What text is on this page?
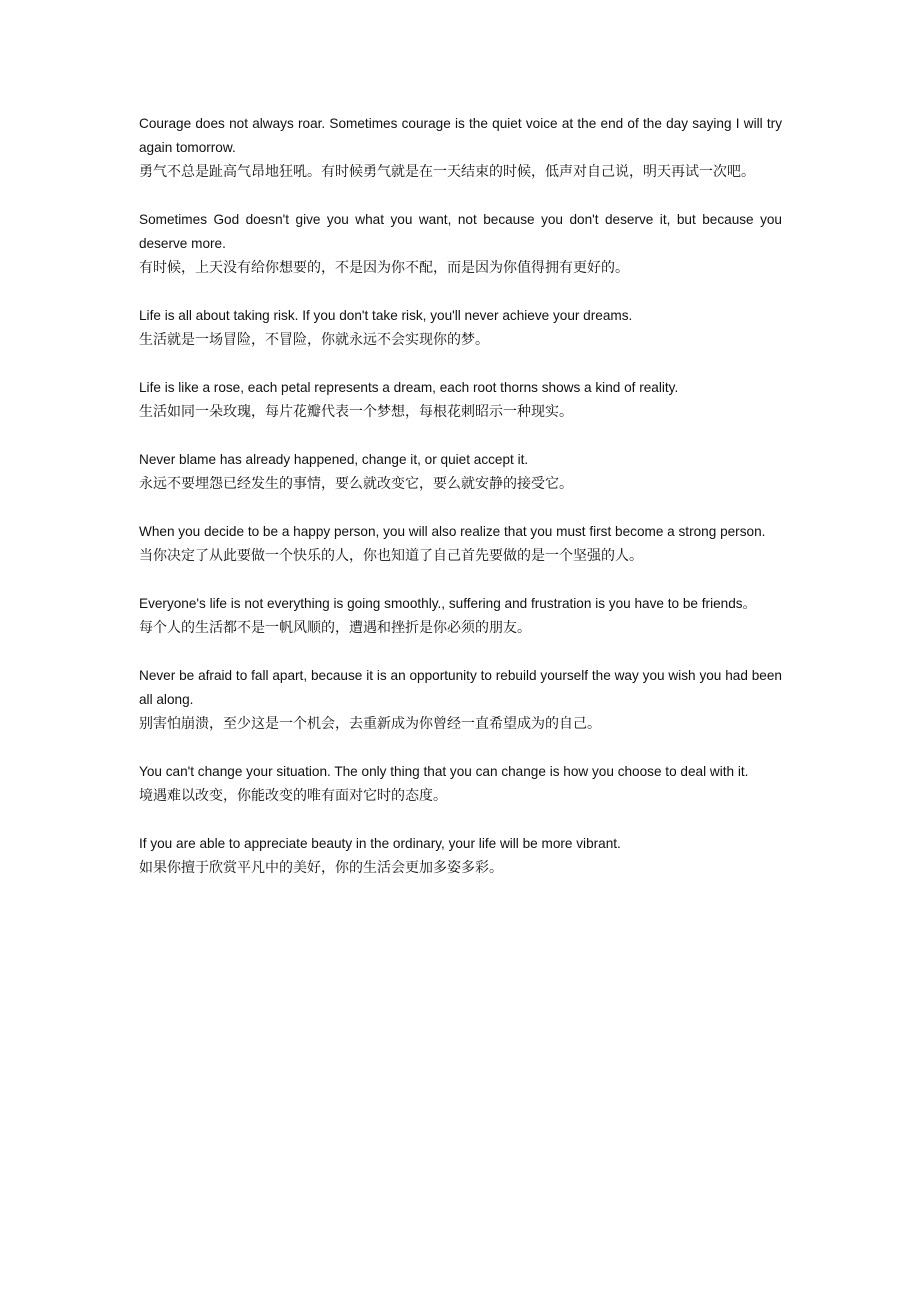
Courage does not always roar. Sometimes courage is the quiet voice at the end of the day saying I will try again tomorrow.

勇气不总是趾高气昂地狂吼。有时候勇气就是在一天结束的时候，低声对自己说，明天再试一次吧。

Sometimes God doesn't give you what you want, not because you don't deserve it, but because you deserve more.

有时候，上天没有给你想要的，不是因为你不配，而是因为你值得拥有更好的。

Life is all about taking risk. If you don't take risk, you'll never achieve your dreams.

生活就是一场冒险，不冒险，你就永远不会实现你的梦。

Life is like a rose, each petal represents a dream, each root thorns shows a kind of reality.

生活如同一朵玫瑰，每片花瓣代表一个梦想，每根花刺昭示一种现实。

Never blame has already happened, change it, or quiet accept it.

永远不要埋怨已经发生的事情，要么就改变它，要么就安静的接受它。

When you decide to be a happy person, you will also realize that you must first become a strong person.

当你决定了从此要做一个快乐的人，你也知道了自己首先要做的是一个坚强的人。

Everyone's life is not everything is going smoothly., suffering and frustration is you have to be friends。

每个人的生活都不是一帆风顺的，遭遇和挫折是你必须的朋友。

Never be afraid to fall apart, because it is an opportunity to rebuild yourself the way you wish you had been all along.

别害怕崩溃，至少这是一个机会，去重新成为你曾经一直希望成为的自己。

You can't change your situation. The only thing that you can change is how you choose to deal with it.

境遇难以改变，你能改变的唯有面对它时的态度。

If you are able to appreciate beauty in the ordinary, your life will be more vibrant.

如果你擅于欣赏平凡中的美好，你的生活会更加多姿多彩。
